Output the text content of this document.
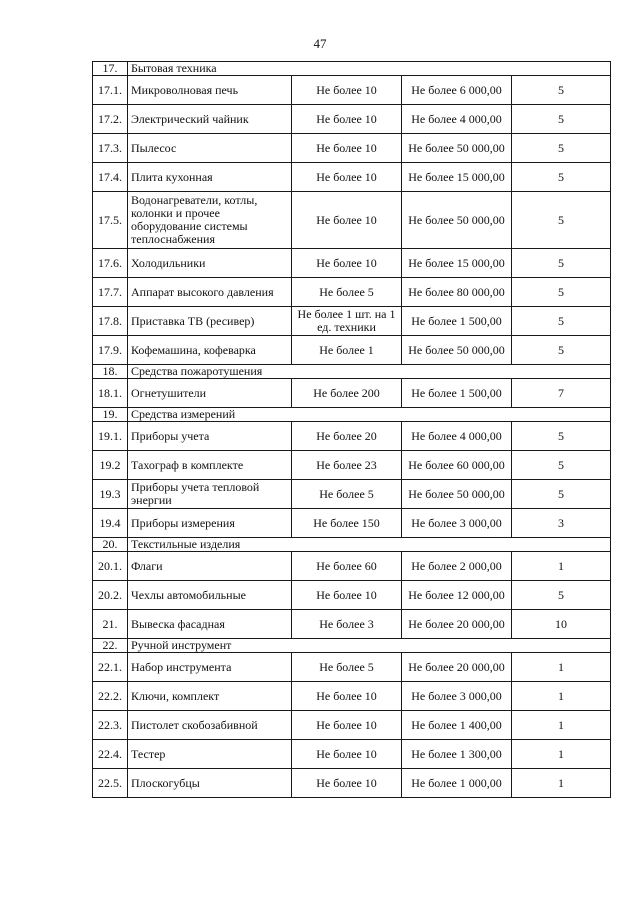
47
17.	Бытовая техника			
17.1.	Микроволновая печь	Не более 10	Не более 6 000,00	5
17.2.	Электрический чайник	Не более 10	Не более 4 000,00	5
17.3.	Пылесос	Не более 10	Не более 50 000,00	5
17.4.	Плита кухонная	Не более 10	Не более 15 000,00	5
17.5.	Водонагреватели, котлы, колонки и прочее оборудование системы теплоснабжения	Не более 10	Не более 50 000,00	5
17.6.	Холодильники	Не более 10	Не более 15 000,00	5
17.7.	Аппарат высокого давления	Не более 5	Не более 80 000,00	5
17.8.	Приставка ТВ (ресивер)	Не более 1 шт. на 1 ед. техники	Не более 1 500,00	5
17.9.	Кофемашина, кофеварка	Не более 1	Не более 50 000,00	5
18.	Средства пожаротушения			
18.1.	Огнетушители	Не более 200	Не более 1 500,00	7
19.	Средства измерений			
19.1.	Приборы учета	Не более 20	Не более 4 000,00	5
19.2	Тахограф в комплекте	Не более 23	Не более 60 000,00	5
19.3	Приборы учета тепловой энергии	Не более 5	Не более 50 000,00	5
19.4	Приборы измерения	Не более 150	Не более 3 000,00	3
20.	Текстильные изделия			
20.1.	Флаги	Не более 60	Не более 2 000,00	1
20.2.	Чехлы автомобильные	Не более 10	Не более 12 000,00	5
21.	Вывеска фасадная	Не более 3	Не более 20 000,00	10
22.	Ручной инструмент			
22.1.	Набор инструмента	Не более 5	Не более 20 000,00	1
22.2.	Ключи, комплект	Не более 10	Не более 3 000,00	1
22.3.	Пистолет скобозабивной	Не более 10	Не более 1 400,00	1
22.4.	Тестер	Не более 10	Не более 1 300,00	1
22.5.	Плоскогубцы	Не более 10	Не более 1 000,00	1
